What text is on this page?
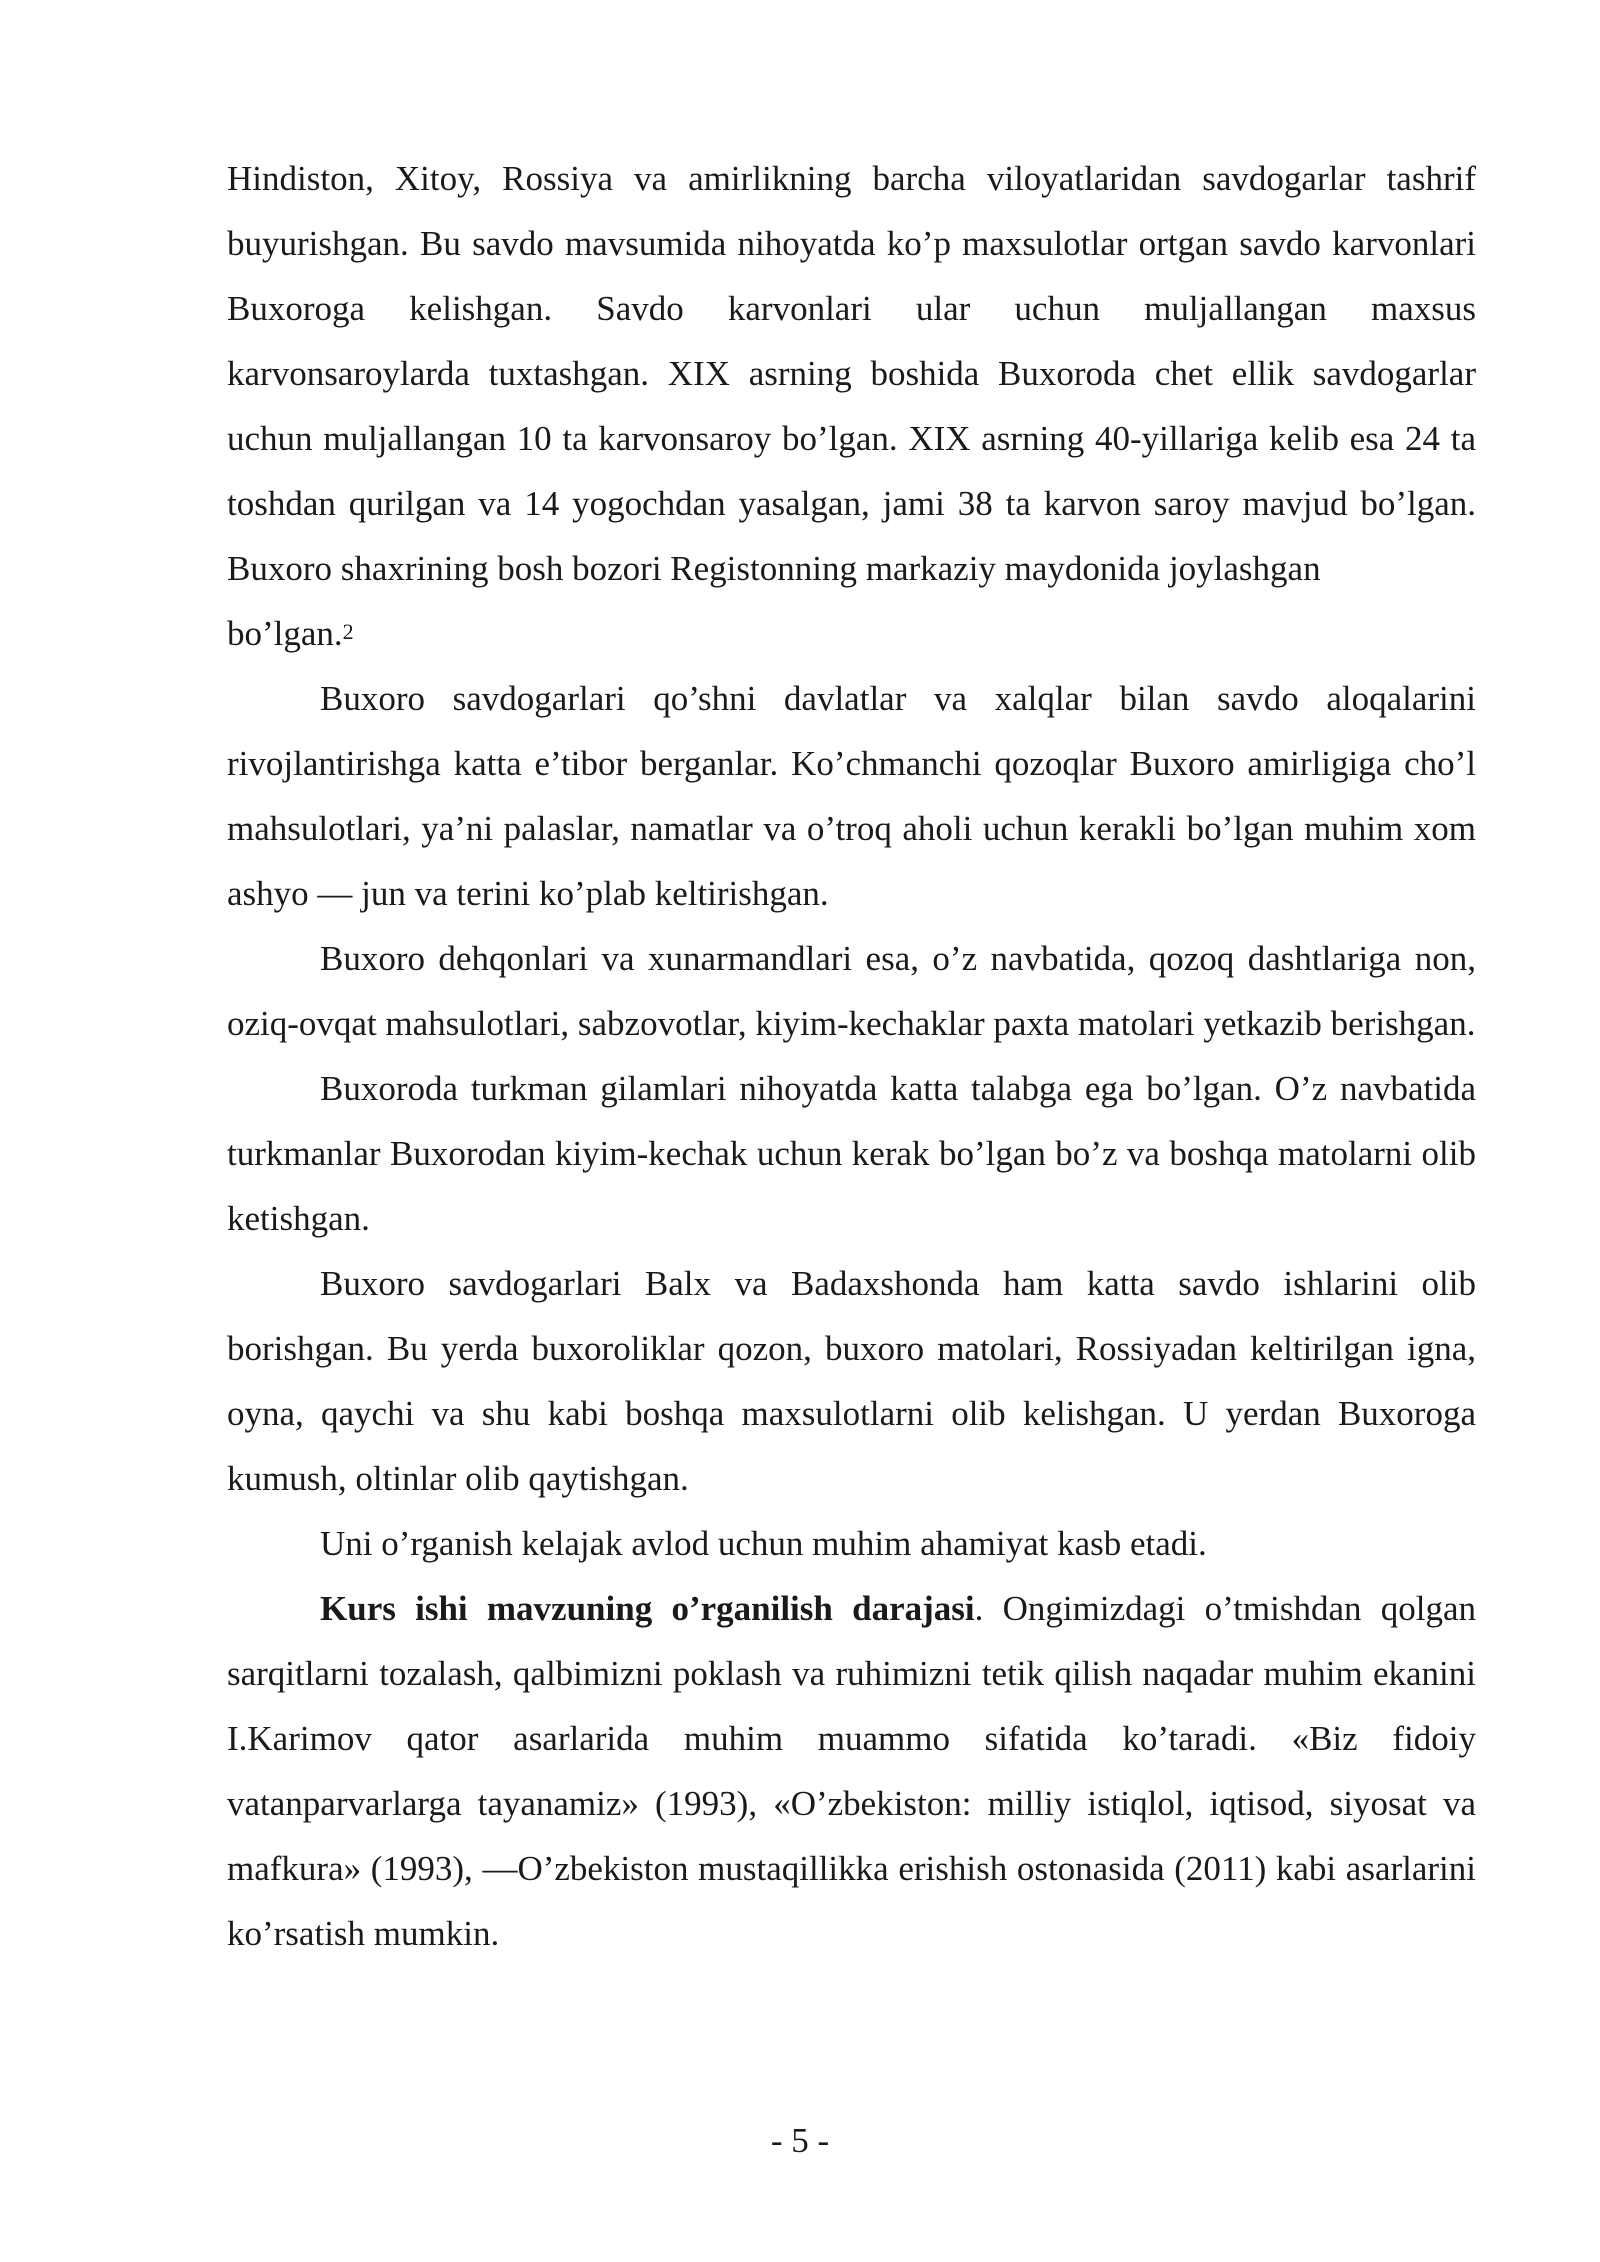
Hindiston, Xitoy, Rossiya va amirlikning barcha viloyatlaridan savdogarlar tashrif buyurishgan. Bu savdo mavsumida nihoyatda ko’p maxsulotlar ortgan savdo karvonlari Buxoroga kelishgan. Savdo karvonlari ular uchun muljallangan maxsus karvonsaroylarda tuxtashgan. XIX asrning boshida Buxoroda chet ellik savdogarlar uchun muljallangan 10 ta karvonsaroy bo’lgan. XIX asrning 40-yillariga kelib esa 24 ta toshdan qurilgan va 14 yogochdan yasalgan, jami 38 ta karvon saroy mavjud bo’lgan. Buxoro shaxrining bosh bozori Registonning markaziy maydonida joylashgan

bo’lgan.$^2$

Buxoro savdogarlari qo’shni davlatlar va xalqlar bilan savdo aloqalarini rivojlantirishga katta e’tibor berganlar. Ko’chmanchi qozoqlar Buxoro amirligiga cho’l mahsulotlari, ya’ni palaslar, namatlar va o’troq aholi uchun kerakli bo’lgan muhim xom ashyo — jun va terini ko’plab keltirishgan.

Buxoro dehqonlari va xunarmandlari esa, o’z navbatida, qozoq dashtlariga non, oziq-ovqat mahsulotlari, sabzovotlar, kiyim-kechaklar paxta matolari yetkazib berishgan.

Buxoroda turkman gilamlari nihoyatda katta talabga ega bo’lgan. O’z navbatida turkmanlar Buxorodan kiyim-kechak uchun kerak bo’lgan bo’z va boshqa matolarni olib ketishgan.

Buxoro savdogarlari Balx va Badaxshonda ham katta savdo ishlarini olib borishgan. Bu yerda buxoroliklar qozon, buxoro matolari, Rossiyadan keltirilgan igna, oyna, qaychi va shu kabi boshqa maxsulotlarni olib kelishgan. U yerdan Buxoroga kumush, oltinlar olib qaytishgan.

Uni o’rganish kelajak avlod uchun muhim ahamiyat kasb etadi.

Kurs ishi mavzuning o’rganilish darajasi. Ongimizdagi o’tmishdan qolgan sarqitlarni tozalash, qalbimizni poklash va ruhimizni tetik qilish naqadar muhim ekanini I.Karimov qator asarlarida muhim muammo sifatida ko’taradi. «Biz fidoiy vatanparvarlarga tayanamiz» (1993), «O’zbekiston: milliy istiqlol, iqtisod, siyosat va mafkura» (1993), —O’zbekiston mustaqillikka erishish ostonasida (2011) kabi asarlarini ko’rsatish mumkin.

- 5 -
